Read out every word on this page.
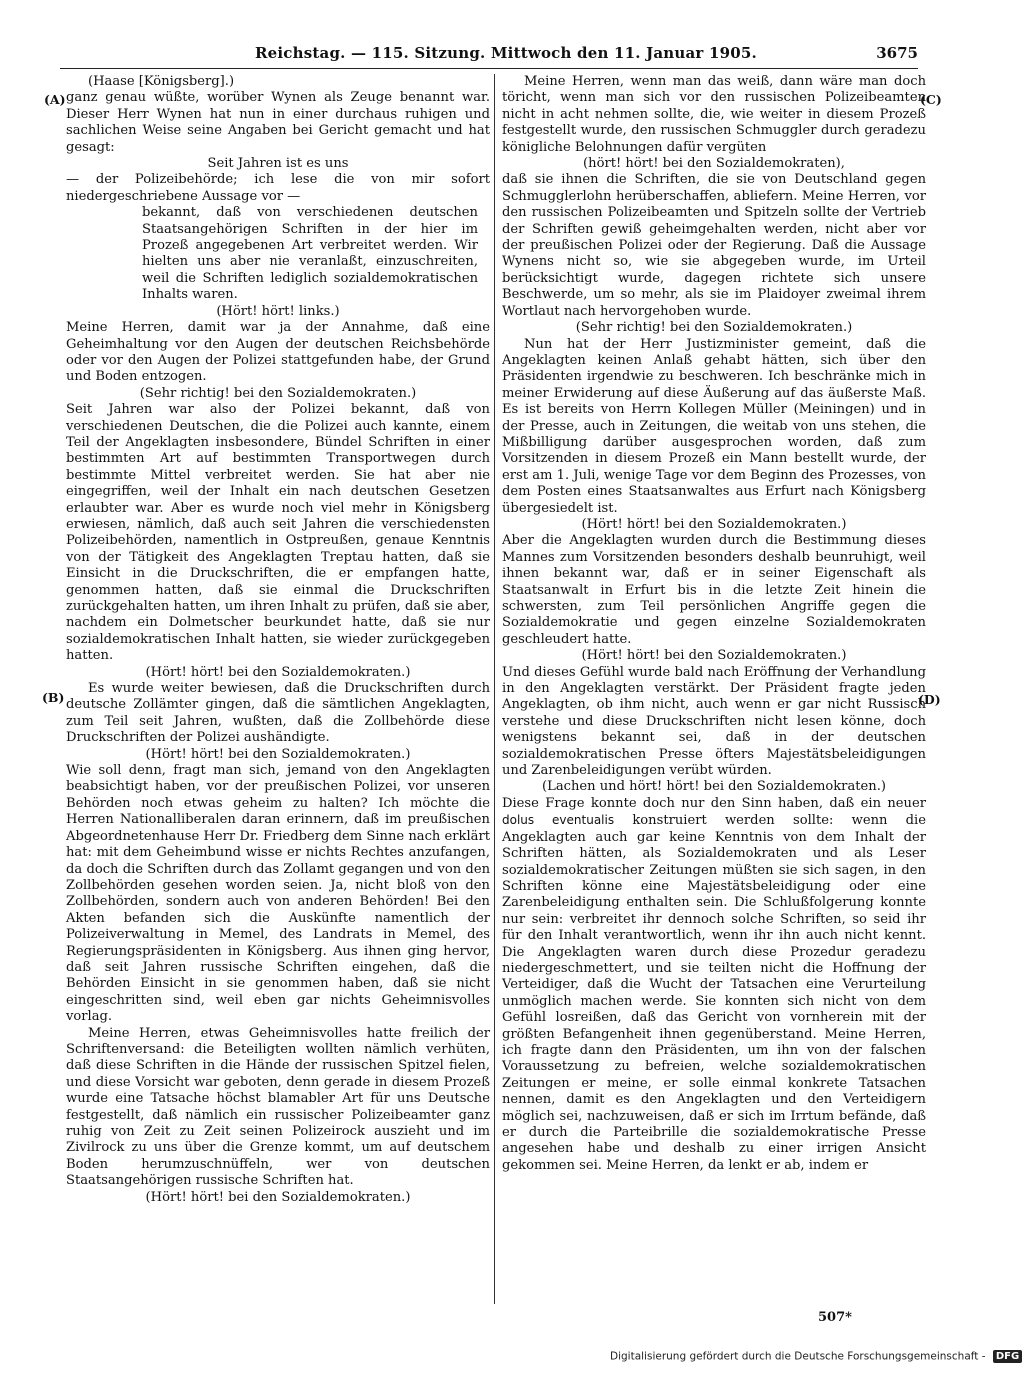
Reichstag. — 115. Sitzung. Mittwoch den 11. Januar 1905.	3675
(A)
(B)
(C)
(D)

(Haase [Königsberg].)

ganz genau wüßte, worüber Wynen als Zeuge benannt war. Dieser Herr Wynen hat nun in einer durchaus ruhigen und sachlichen Weise seine Angaben bei Gericht gemacht und hat gesagt:

Seit Jahren ist es uns

— der Polizeibehörde; ich lese die von mir sofort niedergeschriebene Aussage vor —

bekannt, daß von verschiedenen deutschen Staatsangehörigen Schriften in der hier im Prozeß angegebenen Art verbreitet werden. Wir hielten uns aber nie veranlaßt, einzuschreiten, weil die Schriften lediglich sozialdemokratischen Inhalts waren.

(Hört! hört! links.)

Meine Herren, damit war ja der Annahme, daß eine Geheimhaltung vor den Augen der deutschen Reichsbehörde oder vor den Augen der Polizei stattgefunden habe, der Grund und Boden entzogen.

(Sehr richtig! bei den Sozialdemokraten.)

Seit Jahren war also der Polizei bekannt, daß von verschiedenen Deutschen, die die Polizei auch kannte, einem Teil der Angeklagten insbesondere, Bündel Schriften in einer bestimmten Art auf bestimmten Transportwegen durch bestimmte Mittel verbreitet werden. Sie hat aber nie eingegriffen, weil der Inhalt ein nach deutschen Gesetzen erlaubter war. Aber es wurde noch viel mehr in Königsberg erwiesen, nämlich, daß auch seit Jahren die verschiedensten Polizeibehörden, namentlich in Ostpreußen, genaue Kenntnis von der Tätigkeit des Angeklagten Treptau hatten, daß sie Einsicht in die Druckschriften, die er empfangen hatte, genommen hatten, daß sie einmal die Druckschriften zurückgehalten hatten, um ihren Inhalt zu prüfen, daß sie aber, nachdem ein Dolmetscher beurkundet hatte, daß sie nur sozialdemokratischen Inhalt hatten, sie wieder zurückgegeben hatten.

(Hört! hört! bei den Sozialdemokraten.)

Es wurde weiter bewiesen, daß die Druckschriften durch deutsche Zollämter gingen, daß die sämtlichen Angeklagten, zum Teil seit Jahren, wußten, daß die Zollbehörde diese Druckschriften der Polizei aushändigte.

(Hört! hört! bei den Sozialdemokraten.)

Wie soll denn, fragt man sich, jemand von den Angeklagten beabsichtigt haben, vor der preußischen Polizei, vor unseren Behörden noch etwas geheim zu halten? Ich möchte die Herren Nationalliberalen daran erinnern, daß im preußischen Abgeordnetenhause Herr Dr. Friedberg dem Sinne nach erklärt hat: mit dem Geheimbund wisse er nichts Rechtes anzufangen, da doch die Schriften durch das Zollamt gegangen und von den Zollbehörden gesehen worden seien. Ja, nicht bloß von den Zollbehörden, sondern auch von anderen Behörden! Bei den Akten befanden sich die Auskünfte namentlich der Polizeiverwaltung in Memel, des Landrats in Memel, des Regierungspräsidenten in Königsberg. Aus ihnen ging hervor, daß seit Jahren russische Schriften eingehen, daß die Behörden Einsicht in sie genommen haben, daß sie nicht eingeschritten sind, weil eben gar nichts Geheimnisvolles vorlag.

Meine Herren, etwas Geheimnisvolles hatte freilich der Schriftenversand: die Beteiligten wollten nämlich verhüten, daß diese Schriften in die Hände der russischen Spitzel fielen, und diese Vorsicht war geboten, denn gerade in diesem Prozeß wurde eine Tatsache höchst blamabler Art für uns Deutsche festgestellt, daß nämlich ein russischer Polizeibeamter ganz ruhig von Zeit zu Zeit seinen Polizeirock auszieht und im Zivilrock zu uns über die Grenze kommt, um auf deutschem Boden herumzuschnüffeln, wer von deutschen Staatsangehörigen russische Schriften hat.

(Hört! hört! bei den Sozialdemokraten.)

Meine Herren, wenn man das weiß, dann wäre man doch töricht, wenn man sich vor den russischen Polizeibeamten nicht in acht nehmen sollte, die, wie weiter in diesem Prozeß festgestellt wurde, den russischen Schmuggler durch geradezu königliche Belohnungen dafür vergüten

(hört! hört! bei den Sozialdemokraten),

daß sie ihnen die Schriften, die sie von Deutschland gegen Schmugglerlohn herüberschaffen, abliefern. Meine Herren, vor den russischen Polizeibeamten und Spitzeln sollte der Vertrieb der Schriften gewiß geheimgehalten werden, nicht aber vor der preußischen Polizei oder der Regierung. Daß die Aussage Wynens nicht so, wie sie abgegeben wurde, im Urteil berücksichtigt wurde, dagegen richtete sich unsere Beschwerde, um so mehr, als sie im Plaidoyer zweimal ihrem Wortlaut nach hervorgehoben wurde.

(Sehr richtig! bei den Sozialdemokraten.)

Nun hat der Herr Justizminister gemeint, daß die Angeklagten keinen Anlaß gehabt hätten, sich über den Präsidenten irgendwie zu beschweren. Ich beschränke mich in meiner Erwiderung auf diese Äußerung auf das äußerste Maß. Es ist bereits von Herrn Kollegen Müller (Meiningen) und in der Presse, auch in Zeitungen, die weitab von uns stehen, die Mißbilligung darüber ausgesprochen worden, daß zum Vorsitzenden in diesem Prozeß ein Mann bestellt wurde, der erst am 1. Juli, wenige Tage vor dem Beginn des Prozesses, von dem Posten eines Staatsanwaltes aus Erfurt nach Königsberg übergesiedelt ist.

(Hört! hört! bei den Sozialdemokraten.)

Aber die Angeklagten wurden durch die Bestimmung dieses Mannes zum Vorsitzenden besonders deshalb beunruhigt, weil ihnen bekannt war, daß er in seiner Eigenschaft als Staatsanwalt in Erfurt bis in die letzte Zeit hinein die schwersten, zum Teil persönlichen Angriffe gegen die Sozialdemokratie und gegen einzelne Sozialdemokraten geschleudert hatte.

(Hört! hört! bei den Sozialdemokraten.)

Und dieses Gefühl wurde bald nach Eröffnung der Verhandlung in den Angeklagten verstärkt. Der Präsident fragte jeden Angeklagten, ob ihm nicht, auch wenn er gar nicht Russisch verstehe und diese Druckschriften nicht lesen könne, doch wenigstens bekannt sei, daß in der deutschen sozialdemokratischen Presse öfters Majestätsbeleidigungen und Zarenbeleidigungen verübt würden.

(Lachen und hört! hört! bei den Sozialdemokraten.)

Diese Frage konnte doch nur den Sinn haben, daß ein neuer dolus eventualis konstruiert werden sollte: wenn die Angeklagten auch gar keine Kenntnis von dem Inhalt der Schriften hätten, als Sozialdemokraten und als Leser sozialdemokratischer Zeitungen müßten sie sich sagen, in den Schriften könne eine Majestätsbeleidigung oder eine Zarenbeleidigung enthalten sein. Die Schlußfolgerung konnte nur sein: verbreitet ihr dennoch solche Schriften, so seid ihr für den Inhalt verantwortlich, wenn ihr ihn auch nicht kennt. Die Angeklagten waren durch diese Prozedur geradezu niedergeschmettert, und sie teilten nicht die Hoffnung der Verteidiger, daß die Wucht der Tatsachen eine Verurteilung unmöglich machen werde. Sie konnten sich nicht von dem Gefühl losreißen, daß das Gericht von vornherein mit der größten Befangenheit ihnen gegenüberstand. Meine Herren, ich fragte dann den Präsidenten, um ihn von der falschen Voraussetzung zu befreien, welche sozialdemokratischen Zeitungen er meine, er solle einmal konkrete Tatsachen nennen, damit es den Angeklagten und den Verteidigern möglich sei, nachzuweisen, daß er sich im Irrtum befände, daß er durch die Parteibrille die sozialdemokratische Presse angesehen habe und deshalb zu einer irrigen Ansicht gekommen sei. Meine Herren, da lenkt er ab, indem er

507*
Digitalisierung gefördert durch die Deutsche Forschungsgemeinschaft - DFG
